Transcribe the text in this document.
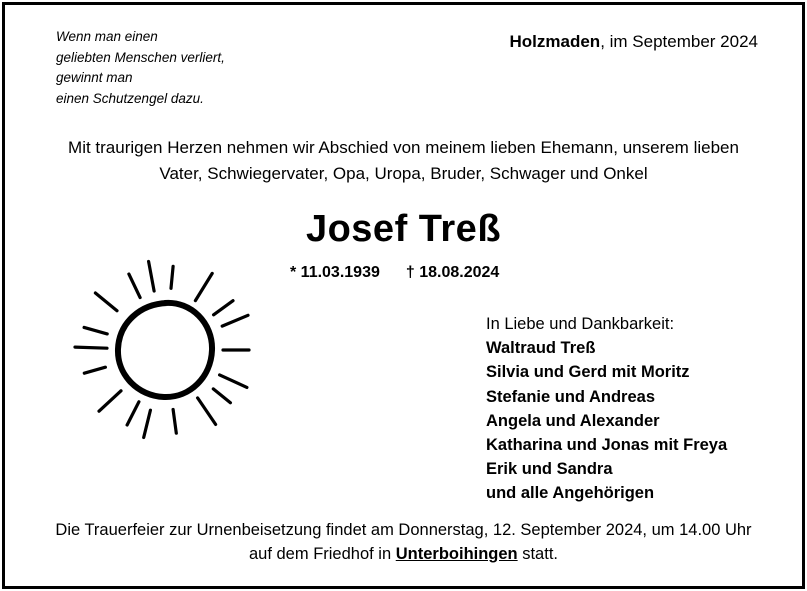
Wenn man einen
geliebten Menschen verliert,
gewinnt man
einen Schutzengel dazu.
Holzmaden, im September 2024
Mit traurigen Herzen nehmen wir Abschied von meinem lieben Ehemann, unserem lieben
Vater, Schwiegervater, Opa, Uropa, Bruder, Schwager und Onkel
Josef Treß
* 11.03.1939 † 18.08.2024
In Liebe und Dankbarkeit:
Waltraud Treß
Silvia und Gerd mit Moritz
Stefanie und Andreas
Angela und Alexander
Katharina und Jonas mit Freya
Erik und Sandra
und alle Angehörigen
Die Trauerfeier zur Urnenbeisetzung findet am Donnerstag, 12. September 2024, um 14.00 Uhr
auf dem Friedhof in Unterboihingen statt.
